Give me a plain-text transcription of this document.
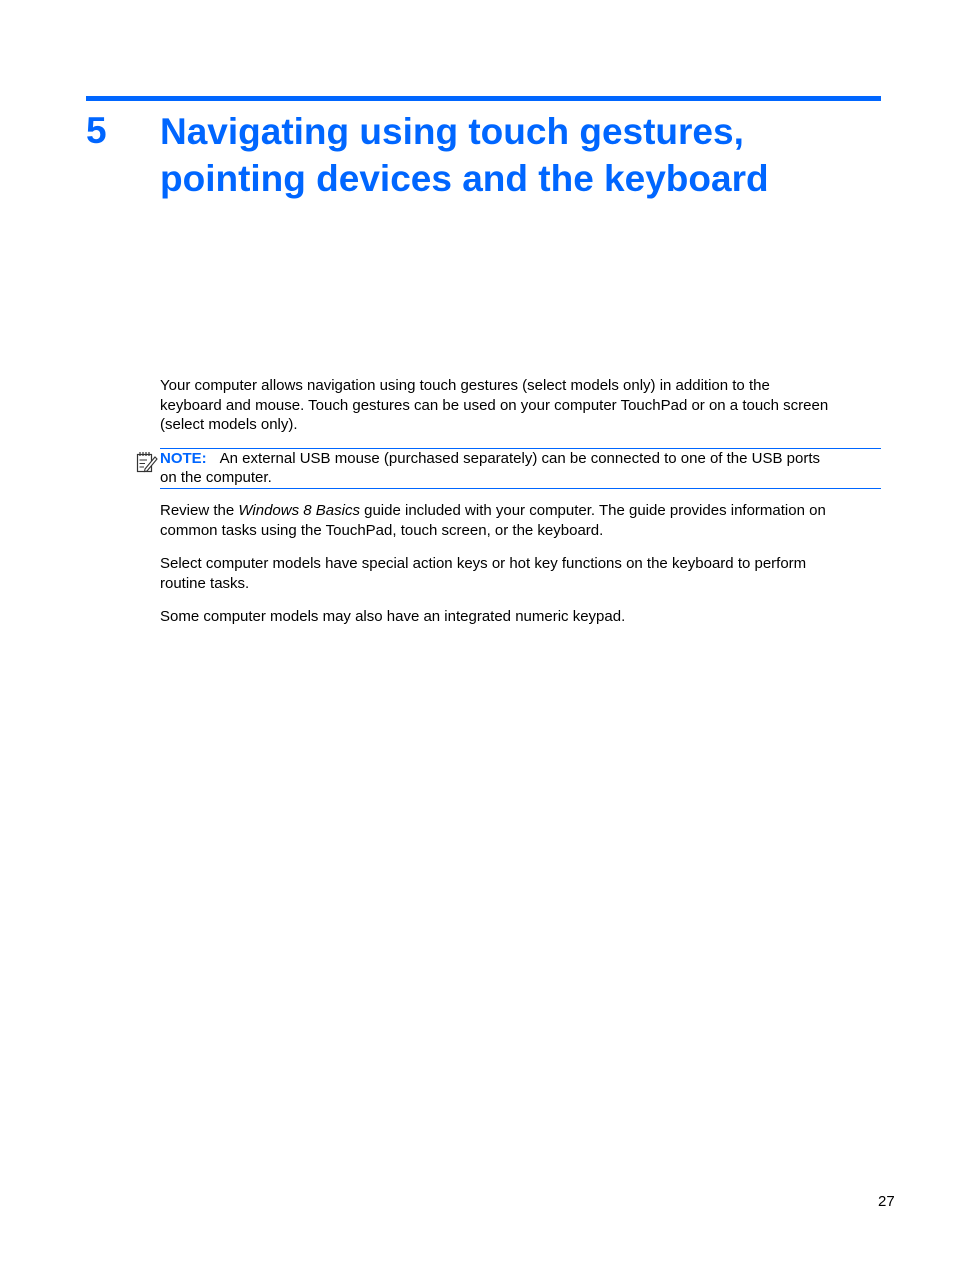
5 Navigating using touch gestures,
pointing devices and the keyboard

Your computer allows navigation using touch gestures (select models only) in addition to the
keyboard and mouse. Touch gestures can be used on your computer TouchPad or on a touch screen
(select models only).

NOTE: An external USB mouse (purchased separately) can be connected to one of the USB ports
on the computer.

Review the Windows 8 Basics guide included with your computer. The guide provides information on
common tasks using the TouchPad, touch screen, or the keyboard.

Select computer models have special action keys or hot key functions on the keyboard to perform
routine tasks.

Some computer models may also have an integrated numeric keypad.

27
